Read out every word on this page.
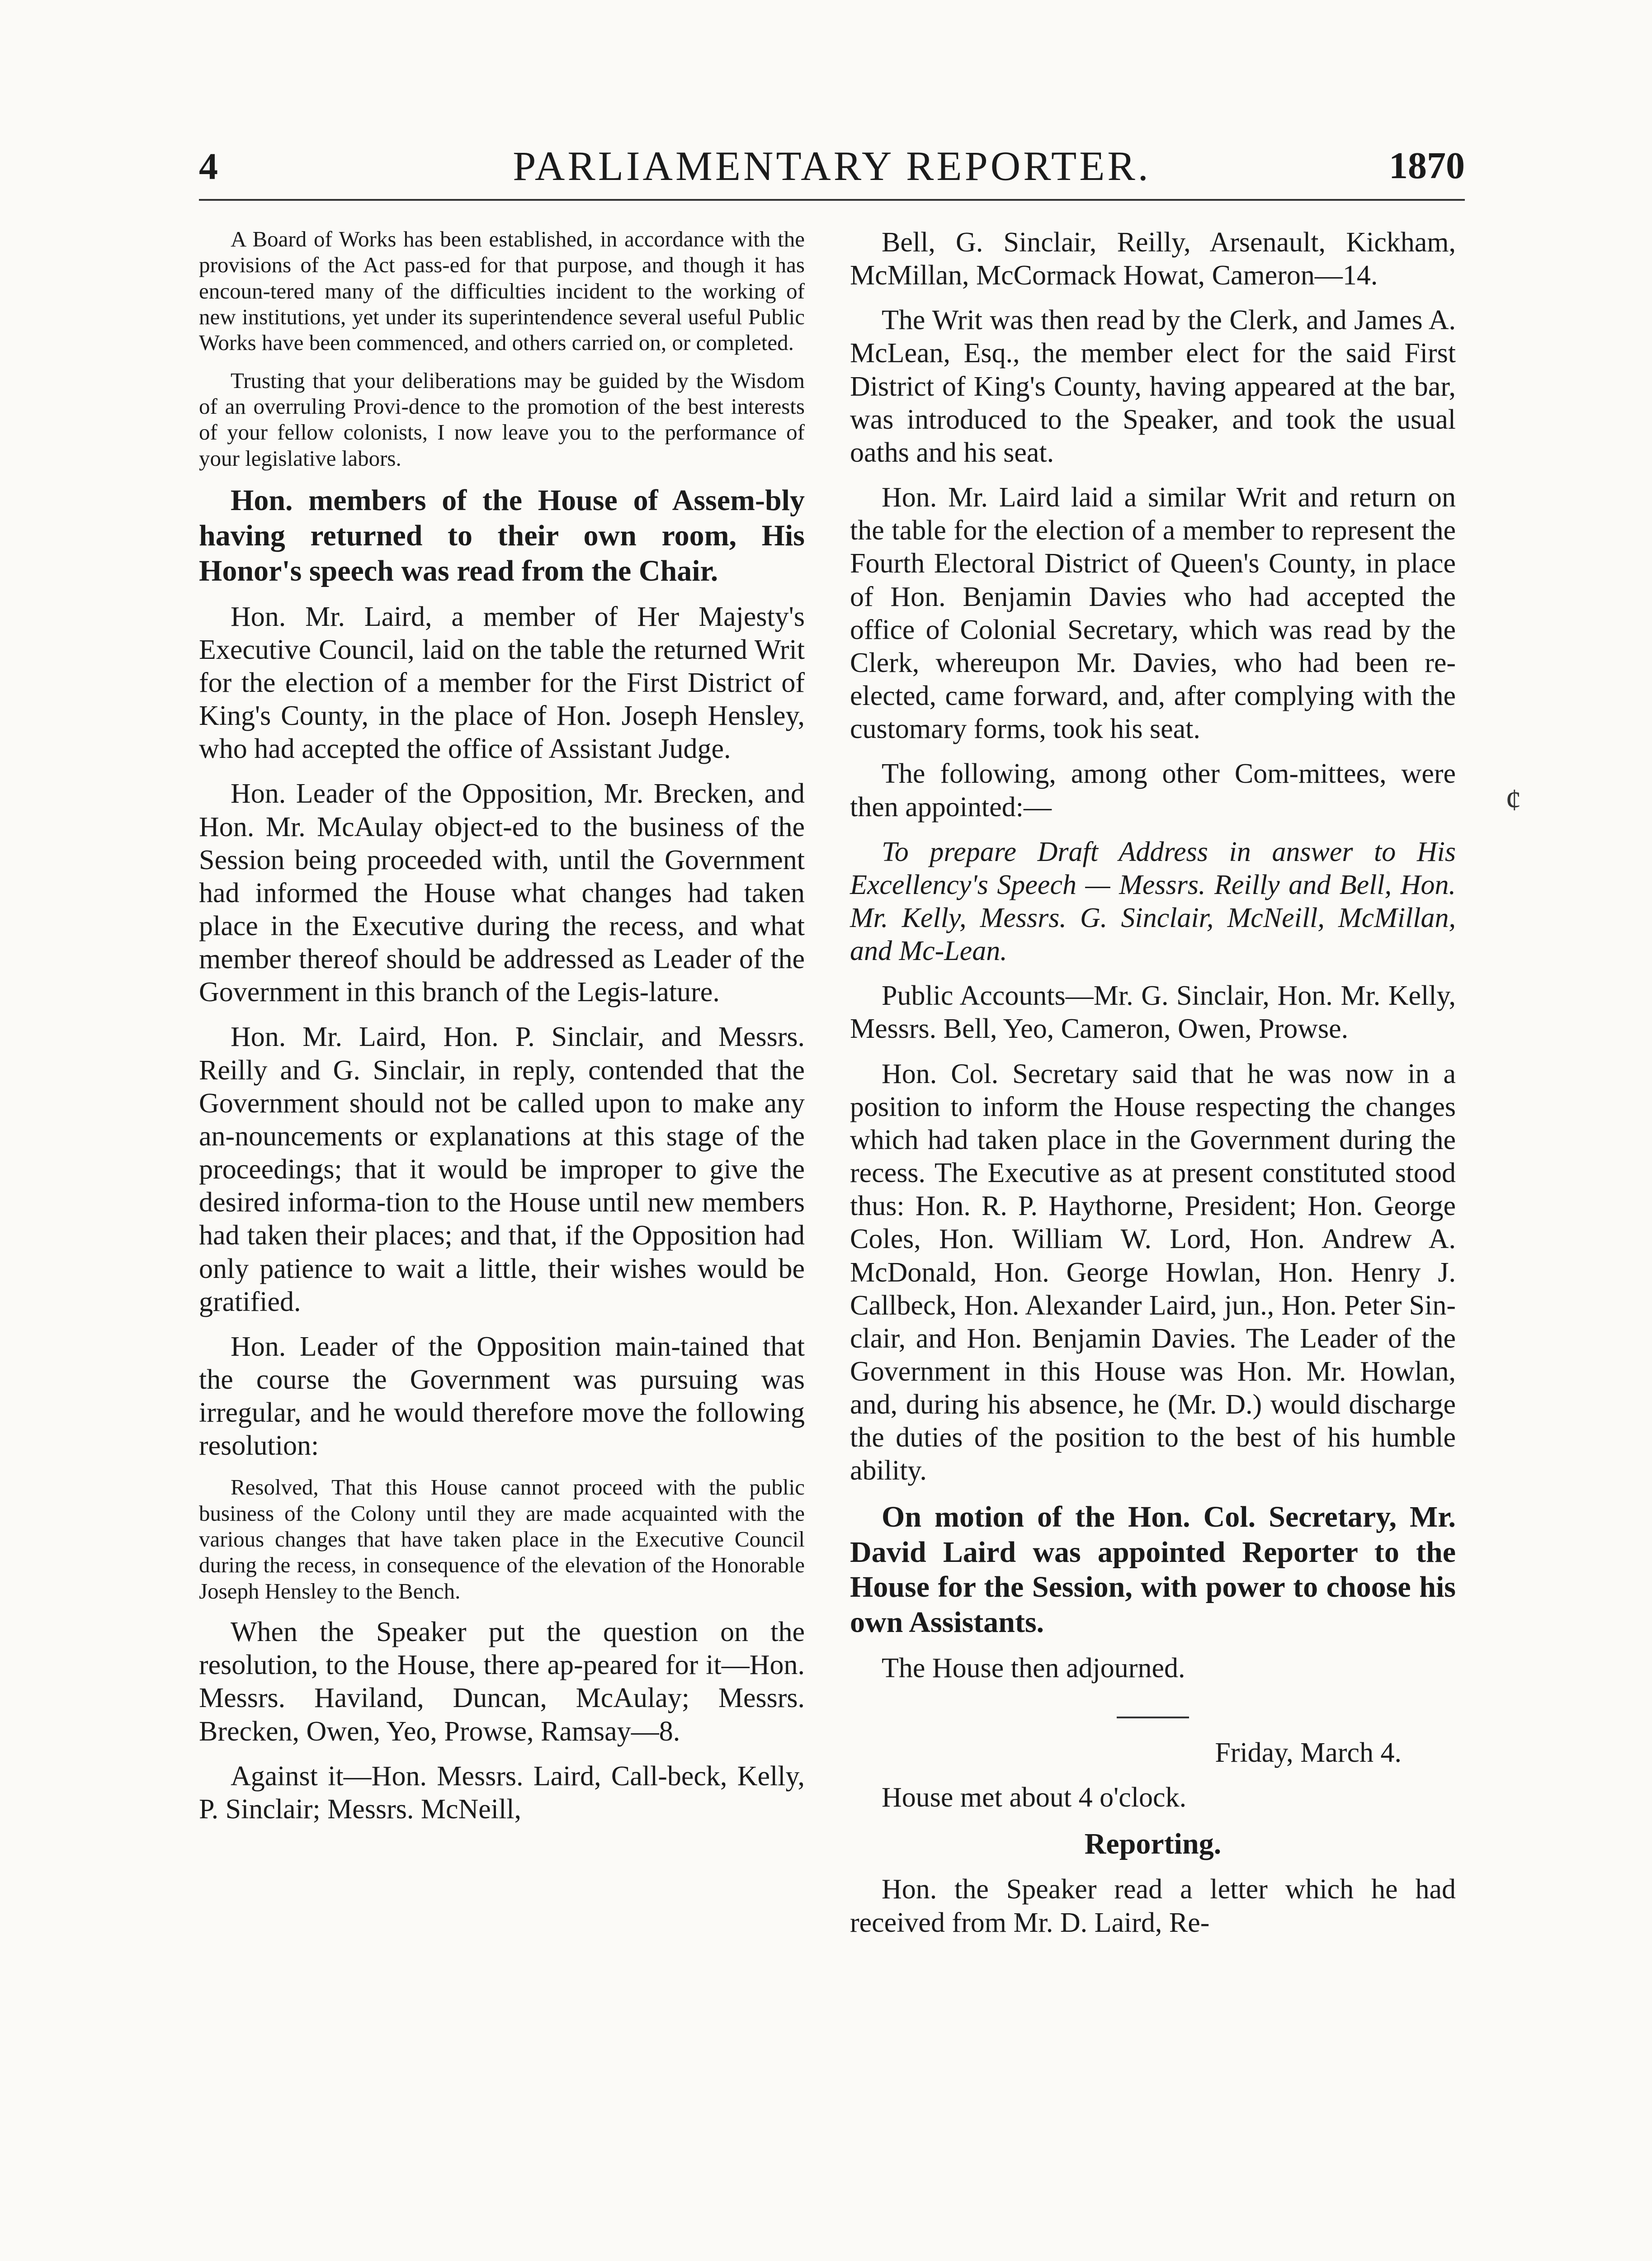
4	PARLIAMENTARY REPORTER.	1870

A Board of Works has been established, in accordance with the provisions of the Act pass-ed for that purpose, and though it has encoun-tered many of the difficulties incident to the working of new institutions, yet under its superintendence several useful Public Works have been commenced, and others carried on, or completed.

Trusting that your deliberations may be guided by the Wisdom of an overruling Provi-dence to the promotion of the best interests of your fellow colonists, I now leave you to the performance of your legislative labors.

Hon. members of the House of Assem-bly having returned to their own room, His Honor's speech was read from the Chair.

Hon. Mr. Laird, a member of Her Majesty's Executive Council, laid on the table the returned Writ for the election of a member for the First District of King's County, in the place of Hon. Joseph Hensley, who had accepted the office of Assistant Judge.

Hon. Leader of the Opposition, Mr. Brecken, and Hon. Mr. McAulay object-ed to the business of the Session being proceeded with, until the Government had informed the House what changes had taken place in the Executive during the recess, and what member thereof should be addressed as Leader of the Government in this branch of the Legis-lature.

Hon. Mr. Laird, Hon. P. Sinclair, and Messrs. Reilly and G. Sinclair, in reply, contended that the Government should not be called upon to make any an-nouncements or explanations at this stage of the proceedings; that it would be improper to give the desired informa-tion to the House until new members had taken their places; and that, if the Opposition had only patience to wait a little, their wishes would be gratified.

Hon. Leader of the Opposition main-tained that the course the Government was pursuing was irregular, and he would therefore move the following resolution:

Resolved, That this House cannot proceed with the public business of the Colony until they are made acquainted with the various changes that have taken place in the Executive Council during the recess, in consequence of the elevation of the Honorable Joseph Hensley to the Bench.

When the Speaker put the question on the resolution, to the House, there ap-peared for it—Hon. Messrs. Haviland, Duncan, McAulay; Messrs. Brecken, Owen, Yeo, Prowse, Ramsay—8.

Against it—Hon. Messrs. Laird, Call-beck, Kelly, P. Sinclair; Messrs. McNeill,

Bell, G. Sinclair, Reilly, Arsenault, Kickham, McMillan, McCormack Howat, Cameron—14.

The Writ was then read by the Clerk, and James A. McLean, Esq., the member elect for the said First District of King's County, having appeared at the bar, was introduced to the Speaker, and took the usual oaths and his seat.

Hon. Mr. Laird laid a similar Writ and return on the table for the election of a member to represent the Fourth Electoral District of Queen's County, in place of Hon. Benjamin Davies who had accepted the office of Colonial Secretary, which was read by the Clerk, whereupon Mr. Davies, who had been re-elected, came forward, and, after complying with the customary forms, took his seat.

The following, among other Com-mittees, were then appointed:—

To prepare Draft Address in answer to His Excellency's Speech — Messrs. Reilly and Bell, Hon. Mr. Kelly, Messrs. G. Sinclair, McNeill, McMillan, and Mc-Lean.

Public Accounts—Mr. G. Sinclair, Hon. Mr. Kelly, Messrs. Bell, Yeo, Cameron, Owen, Prowse.

Hon. Col. Secretary said that he was now in a position to inform the House respecting the changes which had taken place in the Government during the recess. The Executive as at present constituted stood thus: Hon. R. P. Haythorne, President; Hon. George Coles, Hon. William W. Lord, Hon. Andrew A. McDonald, Hon. George Howlan, Hon. Henry J. Callbeck, Hon. Alexander Laird, jun., Hon. Peter Sin-clair, and Hon. Benjamin Davies. The Leader of the Government in this House was Hon. Mr. Howlan, and, during his absence, he (Mr. D.) would discharge the duties of the position to the best of his humble ability.

On motion of the Hon. Col. Secretary, Mr. David Laird was appointed Reporter to the House for the Session, with power to choose his own Assistants.

The House then adjourned.

Friday, March 4.

House met about 4 o'clock.

Reporting.

Hon. the Speaker read a letter which he had received from Mr. D. Laird, Re-

¢
